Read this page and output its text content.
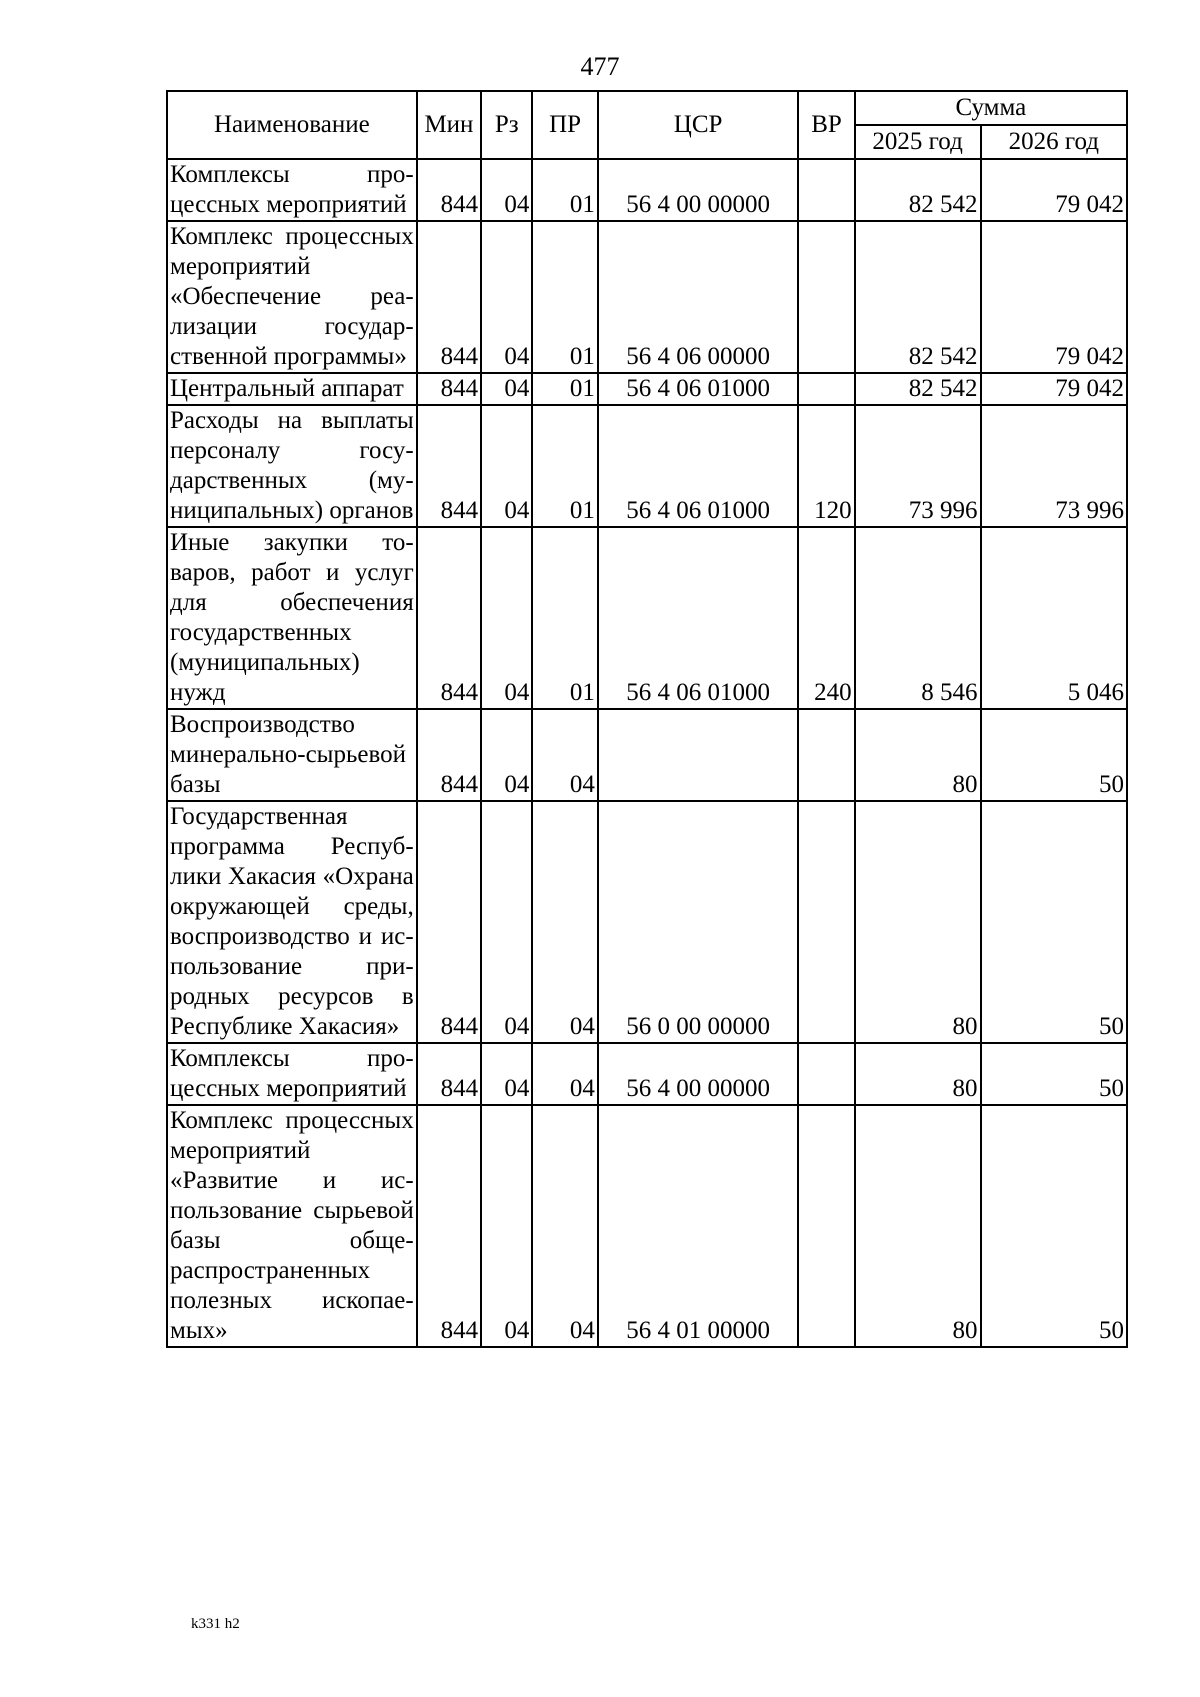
477
Наименование	Мин	Рз	ПР	ЦСР	ВР	Сумма	
						2025 год	2026 год
Комплексы процессных мероприятий	844	04	01	56 4 00 00000		82 542	79 042
Комплекс процессных мероприятий «Обеспечение реализации государственной программы»	844	04	01	56 4 06 00000		82 542	79 042
Центральный аппарат	844	04	01	56 4 06 01000		82 542	79 042
Расходы на выплаты персоналу государственных (муниципальных) органов	844	04	01	56 4 06 01000	120	73 996	73 996
Иные закупки товаров, работ и услуг для обеспечения государственных (муниципальных) нужд	844	04	01	56 4 06 01000	240	8 546	5 046
Воспроизводство минерально-сырьевой базы	844	04	04			80	50
Государственная программа Республики Хакасия «Охрана окружающей среды, воспроизводство и использование природных ресурсов в Республике Хакасия»	844	04	04	56 0 00 00000		80	50
Комплексы процессных мероприятий	844	04	04	56 4 00 00000		80	50
Комплекс процессных мероприятий «Развитие и использование сырьевой базы общераспространенных полезных ископаемых»	844	04	04	56 4 01 00000		80	50
k331 h2
